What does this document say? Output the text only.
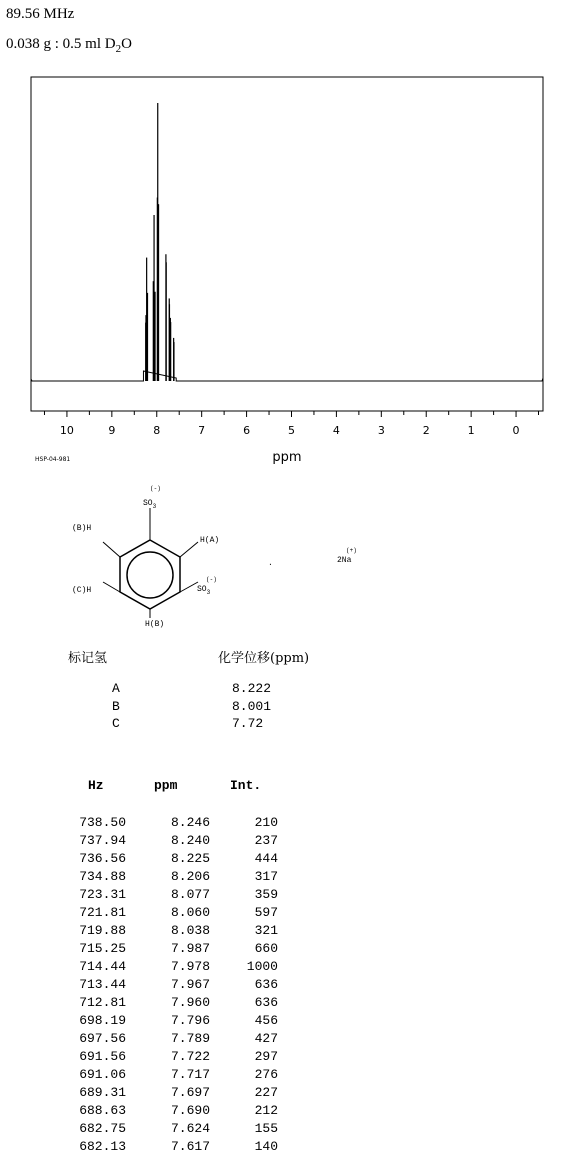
89.56 MHz
0.038 g : 0.5 ml $D_2O$
10	9	8	7	6	5	4	3	2	1	0
ppm
HSP-04-981
$SO_3$
(-)
H(A)
(B)H
(C)H	$SO_3$
(-)
H(B)
.	2Na
(+)
标记氢	化学位移(ppm)
A	8.222
B	8.001
C	7.72
Hz	ppm	Int.
738.50	8.246	210
737.94	8.240	237
736.56	8.225	444
734.88	8.206	317
723.31	8.077	359
721.81	8.060	597
719.88	8.038	321
715.25	7.987	660
714.44	7.978	1000
713.44	7.967	636
712.81	7.960	636
698.19	7.796	456
697.56	7.789	427
691.56	7.722	297
691.06	7.717	276
689.31	7.697	227
688.63	7.690	212
682.75	7.624	155
682.13	7.617	140
